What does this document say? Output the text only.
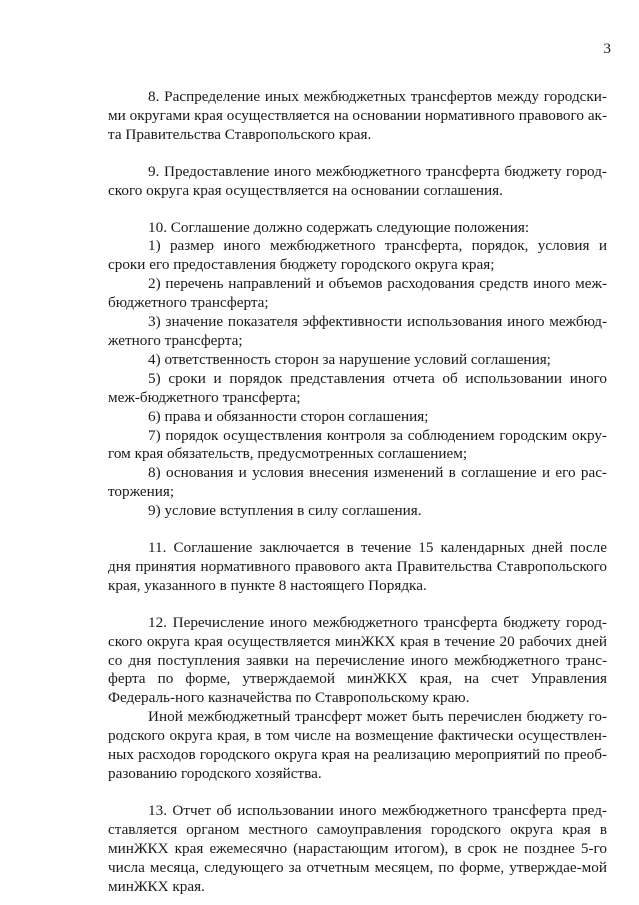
3

8. Распределение иных межбюджетных трансфертов между городски-ми округами края осуществляется на основании нормативного правового ак-та Правительства Ставропольского края.

9. Предоставление иного межбюджетного трансферта бюджету город-ского округа края осуществляется на основании соглашения.

10. Соглашение должно содержать следующие положения:

1) размер иного межбюджетного трансферта, порядок, условия и сроки его предоставления бюджету городского округа края;

2) перечень направлений и объемов расходования средств иного меж-бюджетного трансферта;

3) значение показателя эффективности использования иного межбюд-жетного трансферта;

4) ответственность сторон за нарушение условий соглашения;

5) сроки и порядок представления отчета об использовании иного меж-бюджетного трансферта;

6) права и обязанности сторон соглашения;

7) порядок осуществления контроля за соблюдением городским окру-гом края обязательств, предусмотренных соглашением;

8) основания и условия внесения изменений в соглашение и его рас-торжения;

9) условие вступления в силу соглашения.

11. Соглашение заключается в течение 15 календарных дней после дня принятия нормативного правового акта Правительства Ставропольского края, указанного в пункте 8 настоящего Порядка.

12. Перечисление иного межбюджетного трансферта бюджету город-ского округа края осуществляется минЖКХ края в течение 20 рабочих дней со дня поступления заявки на перечисление иного межбюджетного транс-ферта по форме, утверждаемой минЖКХ края, на счет Управления Федераль-ного казначейства по Ставропольскому краю.

Иной межбюджетный трансферт может быть перечислен бюджету го-родского округа края, в том числе на возмещение фактически осуществлен-ных расходов городского округа края на реализацию мероприятий по преоб-разованию городского хозяйства.

13. Отчет об использовании иного межбюджетного трансферта пред-ставляется органом местного самоуправления городского округа края в минЖКХ края ежемесячно (нарастающим итогом), в срок не позднее 5-го числа месяца, следующего за отчетным месяцем, по форме, утверждае-мой минЖКХ края.
